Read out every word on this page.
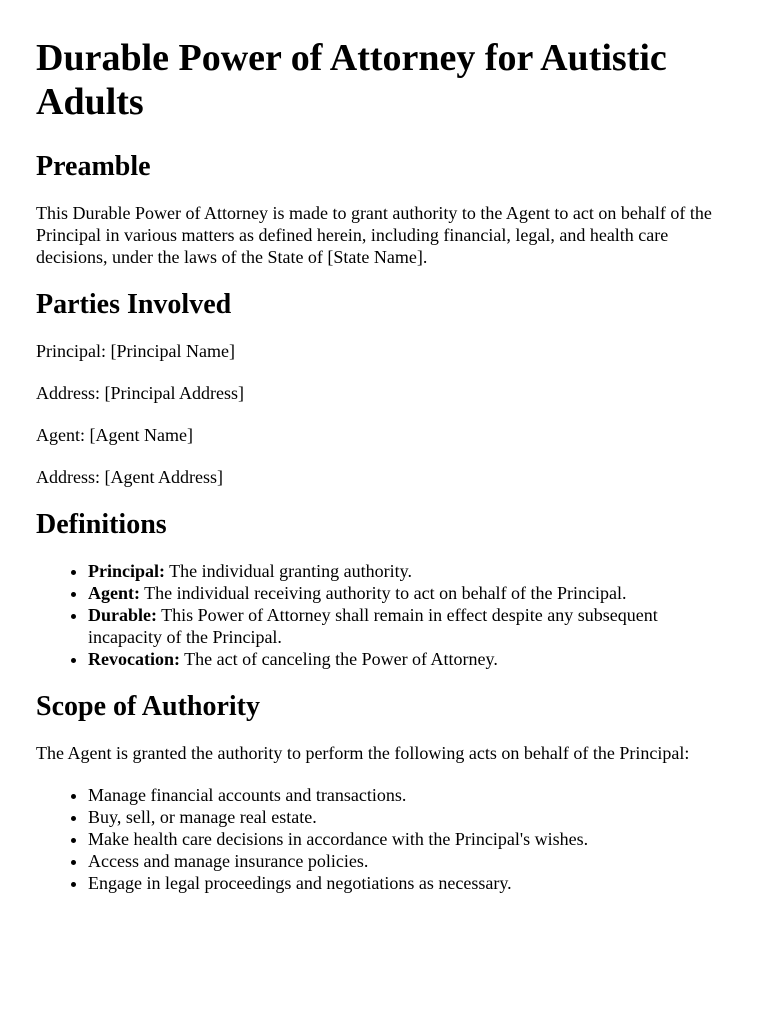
Durable Power of Attorney for Autistic Adults
Preamble

This Durable Power of Attorney is made to grant authority to the Agent to act on behalf of the Principal in various matters as defined herein, including financial, legal, and health care decisions, under the laws of the State of [State Name].

Parties Involved

Principal: [Principal Name]

Address: [Principal Address]

Agent: [Agent Name]

Address: [Agent Address]

Definitions
• Principal: The individual granting authority.
• Agent: The individual receiving authority to act on behalf of the Principal.
• Durable: This Power of Attorney shall remain in effect despite any subsequent incapacity of the Principal.
• Revocation: The act of canceling the Power of Attorney.
Scope of Authority

The Agent is granted the authority to perform the following acts on behalf of the Principal:

• Manage financial accounts and transactions.
• Buy, sell, or manage real estate.
• Make health care decisions in accordance with the Principal's wishes.
• Access and manage insurance policies.
• Engage in legal proceedings and negotiations as necessary.
